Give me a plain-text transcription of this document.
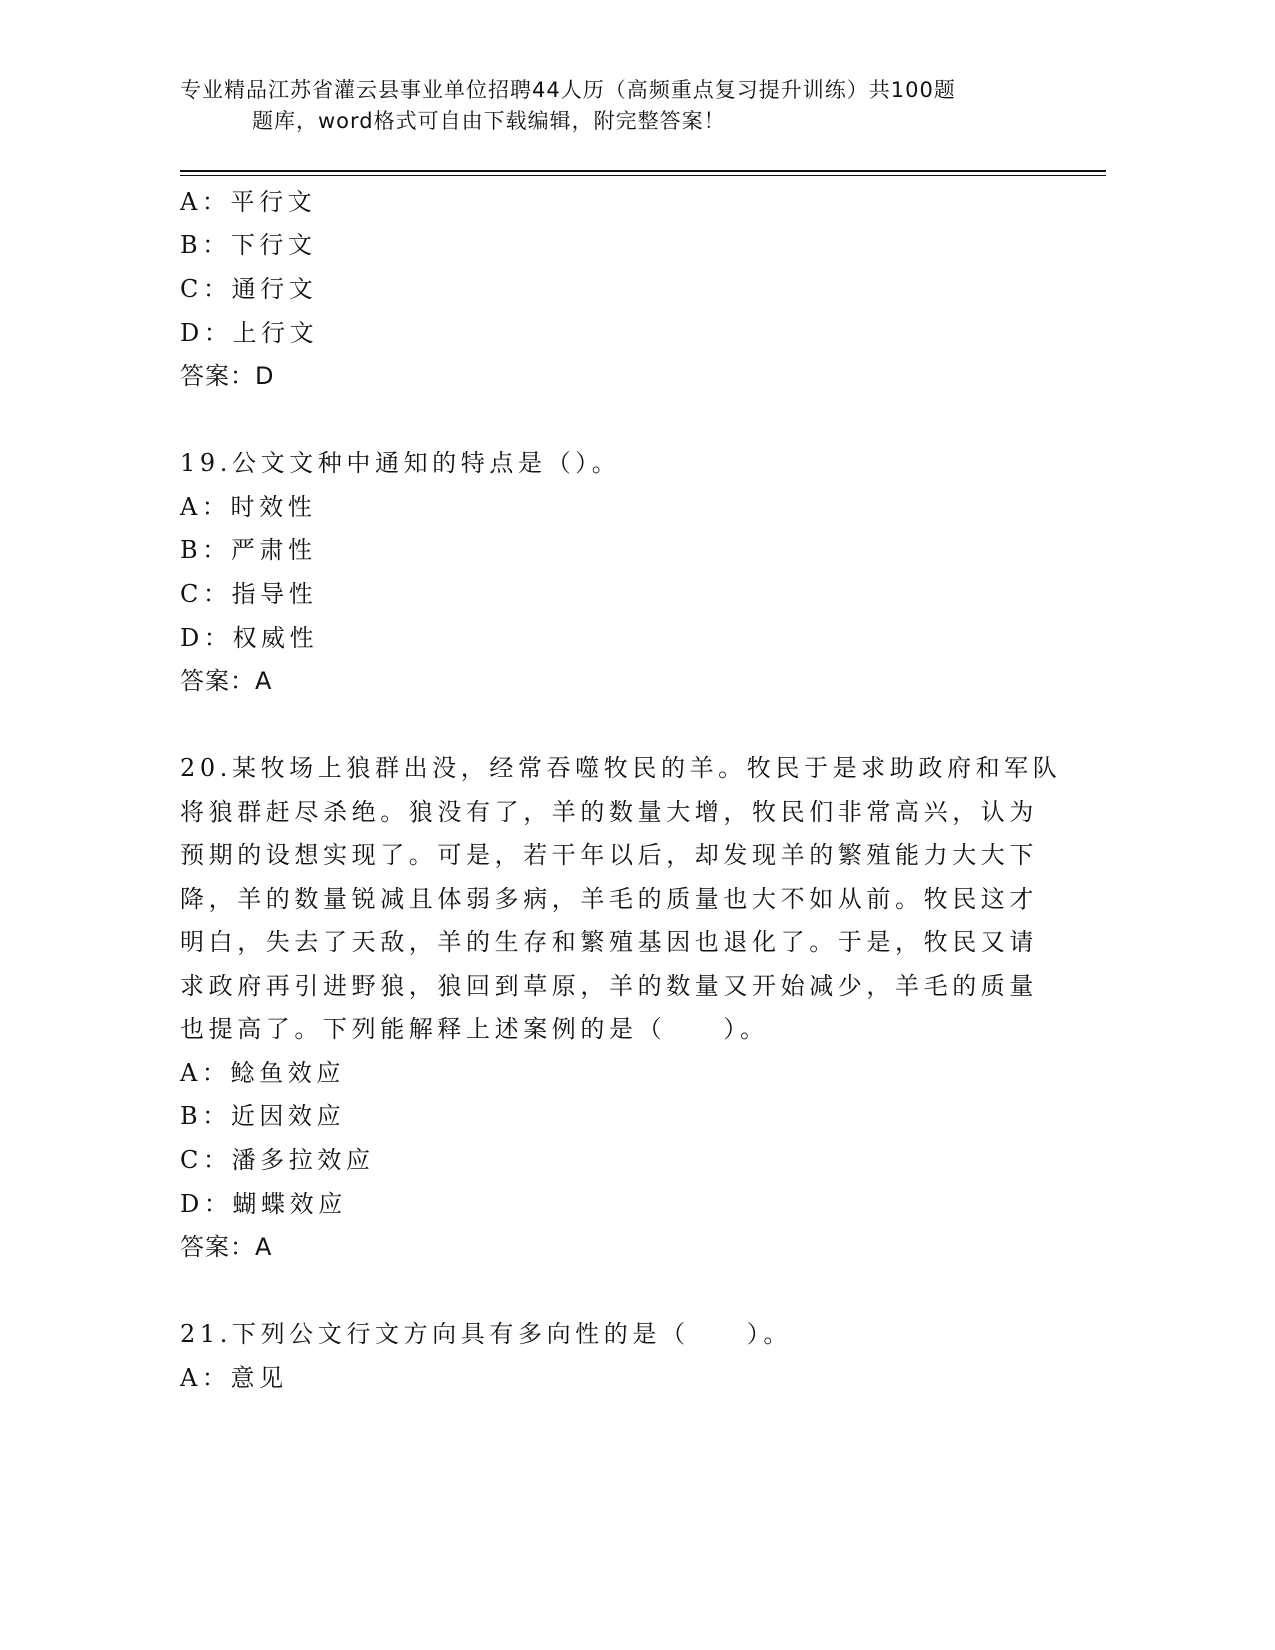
专业精品江苏省灌云县事业单位招聘44人历（高频重点复习提升训练）共100题
题库，word格式可自由下载编辑，附完整答案！
A：平行文
B：下行文
C：通行文
D：上行文
答案：D
19.公文文种中通知的特点是（）。
A：时效性
B：严肃性
C：指导性
D：权威性
答案：A
20.某牧场上狼群出没，经常吞噬牧民的羊。牧民于是求助政府和军队
将狼群赶尽杀绝。狼没有了，羊的数量大增，牧民们非常高兴，认为
预期的设想实现了。可是，若干年以后，却发现羊的繁殖能力大大下
降，羊的数量锐减且体弱多病，羊毛的质量也大不如从前。牧民这才
明白，失去了天敌，羊的生存和繁殖基因也退化了。于是，牧民又请
求政府再引进野狼，狼回到草原，羊的数量又开始减少，羊毛的质量
也提高了。下列能解释上述案例的是（　　）。
A：鲶鱼效应
B：近因效应
C：潘多拉效应
D：蝴蝶效应
答案：A
21.下列公文行文方向具有多向性的是（　　）。
A：意见
